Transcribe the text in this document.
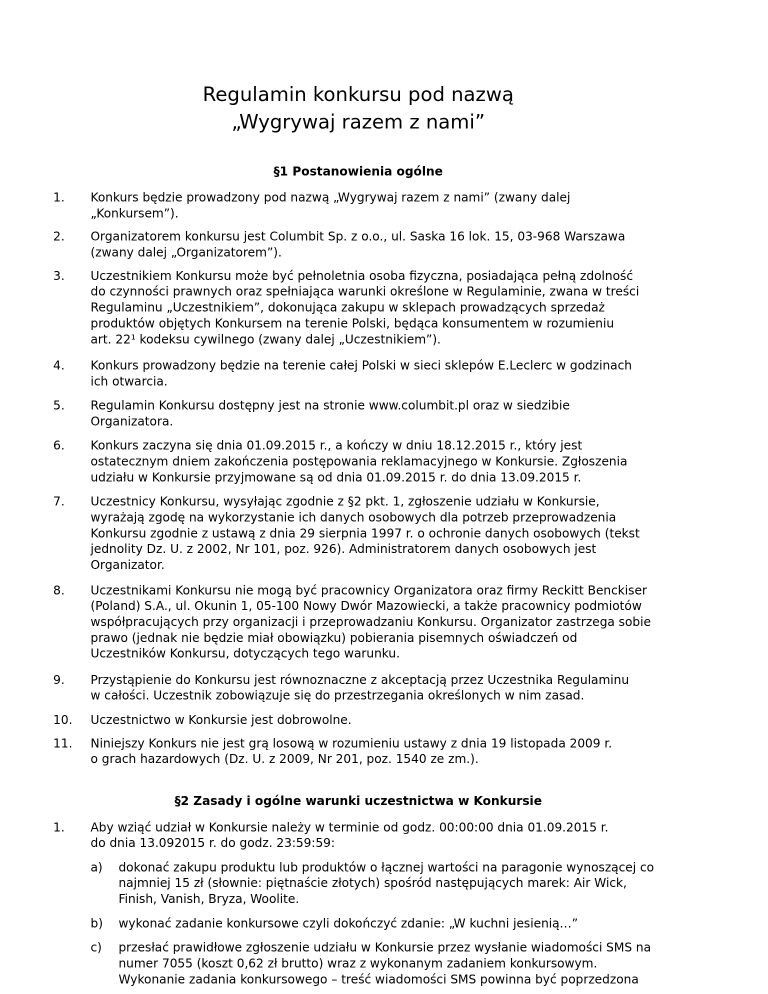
Regulamin konkursu pod nazwą
„Wygrywaj razem z nami”
§1 Postanowienia ogólne
1. Konkurs będzie prowadzony pod nazwą „Wygrywaj razem z nami” (zwany dalej
„Konkursem”).
2. Organizatorem konkursu jest Columbit Sp. z o.o., ul. Saska 16 lok. 15, 03-968 Warszawa
(zwany dalej „Organizatorem”).
3. Uczestnikiem Konkursu może być pełnoletnia osoba fizyczna, posiadająca pełną zdolność
do czynności prawnych oraz spełniająca warunki określone w Regulaminie, zwana w treści
Regulaminu „Uczestnikiem”, dokonująca zakupu w sklepach prowadzących sprzedaż
produktów objętych Konkursem na terenie Polski, będąca konsumentem w rozumieniu
art. 22¹ kodeksu cywilnego (zwany dalej „Uczestnikiem”).
4. Konkurs prowadzony będzie na terenie całej Polski w sieci sklepów E.Leclerc w godzinach
ich otwarcia.
5. Regulamin Konkursu dostępny jest na stronie www.columbit.pl oraz w siedzibie
Organizatora.
6. Konkurs zaczyna się dnia 01.09.2015 r., a kończy w dniu 18.12.2015 r., który jest
ostatecznym dniem zakończenia postępowania reklamacyjnego w Konkursie. Zgłoszenia
udziału w Konkursie przyjmowane są od dnia 01.09.2015 r. do dnia 13.09.2015 r.
7. Uczestnicy Konkursu, wysyłając zgodnie z §2 pkt. 1, zgłoszenie udziału w Konkursie,
wyrażają zgodę na wykorzystanie ich danych osobowych dla potrzeb przeprowadzenia
Konkursu zgodnie z ustawą z dnia 29 sierpnia 1997 r. o ochronie danych osobowych (tekst
jednolity Dz. U. z 2002, Nr 101, poz. 926). Administratorem danych osobowych jest
Organizator.
8. Uczestnikami Konkursu nie mogą być pracownicy Organizatora oraz firmy Reckitt Benckiser
(Poland) S.A., ul. Okunin 1, 05-100 Nowy Dwór Mazowiecki, a także pracownicy podmiotów
współpracujących przy organizacji i przeprowadzaniu Konkursu. Organizator zastrzega sobie
prawo (jednak nie będzie miał obowiązku) pobierania pisemnych oświadczeń od
Uczestników Konkursu, dotyczących tego warunku.
9. Przystąpienie do Konkursu jest równoznaczne z akceptacją przez Uczestnika Regulaminu
w całości. Uczestnik zobowiązuje się do przestrzegania określonych w nim zasad.
10. Uczestnictwo w Konkursie jest dobrowolne.
11. Niniejszy Konkurs nie jest grą losową w rozumieniu ustawy z dnia 19 listopada 2009 r.
o grach hazardowych (Dz. U. z 2009, Nr 201, poz. 1540 ze zm.).
§2 Zasady i ogólne warunki uczestnictwa w Konkursie
1. Aby wziąć udział w Konkursie należy w terminie od godz. 00:00:00 dnia 01.09.2015 r.
do dnia 13.092015 r. do godz. 23:59:59:
a) dokonać zakupu produktu lub produktów o łącznej wartości na paragonie wynoszącej co
najmniej 15 zł (słownie: piętnaście złotych) spośród następujących marek: Air Wick,
Finish, Vanish, Bryza, Woolite.
b) wykonać zadanie konkursowe czyli dokończyć zdanie: „W kuchni jesienią…”
c) przesłać prawidłowe zgłoszenie udziału w Konkursie przez wysłanie wiadomości SMS na
numer 7055 (koszt 0,62 zł brutto) wraz z wykonanym zadaniem konkursowym.
Wykonanie zadania konkursowego – treść wiadomości SMS powinna być poprzedzona
